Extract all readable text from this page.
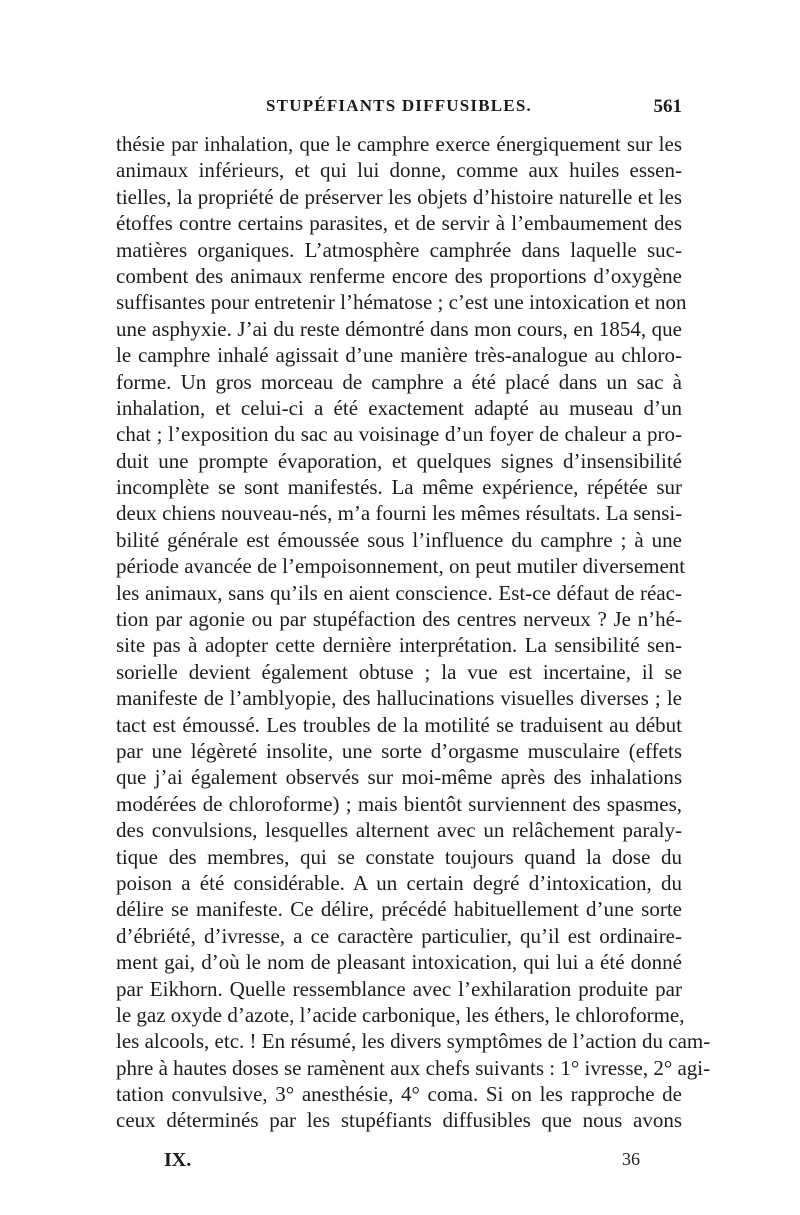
STUPÉFIANTS DIFFUSIBLES.	561
thésie par inhalation, que le camphre exerce énergiquement sur les
animaux inférieurs, et qui lui donne, comme aux huiles essen-
tielles, la propriété de préserver les objets d’histoire naturelle et les
étoffes contre certains parasites, et de servir à l’embaumement des
matières organiques. L’atmosphère camphrée dans laquelle suc-
combent des animaux renferme encore des proportions d’oxygène
suffisantes pour entretenir l’hématose ; c’est une intoxication et non
une asphyxie. J’ai du reste démontré dans mon cours, en 1854, que
le camphre inhalé agissait d’une manière très-analogue au chloro-
forme. Un gros morceau de camphre a été placé dans un sac à
inhalation, et celui-ci a été exactement adapté au museau d’un
chat ; l’exposition du sac au voisinage d’un foyer de chaleur a pro-
duit une prompte évaporation, et quelques signes d’insensibilité
incomplète se sont manifestés. La même expérience, répétée sur
deux chiens nouveau-nés, m’a fourni les mêmes résultats. La sensi-
bilité générale est émoussée sous l’influence du camphre ; à une
période avancée de l’empoisonnement, on peut mutiler diversement
les animaux, sans qu’ils en aient conscience. Est-ce défaut de réac-
tion par agonie ou par stupéfaction des centres nerveux ? Je n’hé-
site pas à adopter cette dernière interprétation. La sensibilité sen-
sorielle devient également obtuse ; la vue est incertaine, il se
manifeste de l’amblyopie, des hallucinations visuelles diverses ; le
tact est émoussé. Les troubles de la motilité se traduisent au début
par une légèreté insolite, une sorte d’orgasme musculaire (effets
que j’ai également observés sur moi-même après des inhalations
modérées de chloroforme) ; mais bientôt surviennent des spasmes,
des convulsions, lesquelles alternent avec un relâchement paraly-
tique des membres, qui se constate toujours quand la dose du
poison a été considérable. A un certain degré d’intoxication, du
délire se manifeste. Ce délire, précédé habituellement d’une sorte
d’ébriété, d’ivresse, a ce caractère particulier, qu’il est ordinaire-
ment gai, d’où le nom de pleasant intoxication, qui lui a été donné
par Eikhorn. Quelle ressemblance avec l’exhilaration produite par
le gaz oxyde d’azote, l’acide carbonique, les éthers, le chloroforme,
les alcools, etc. ! En résumé, les divers symptômes de l’action du cam-
phre à hautes doses se ramènent aux chefs suivants : 1° ivresse, 2° agi-
tation convulsive, 3° anesthésie, 4° coma. Si on les rapproche de
ceux déterminés par les stupéfiants diffusibles que nous avons
IX.	36
